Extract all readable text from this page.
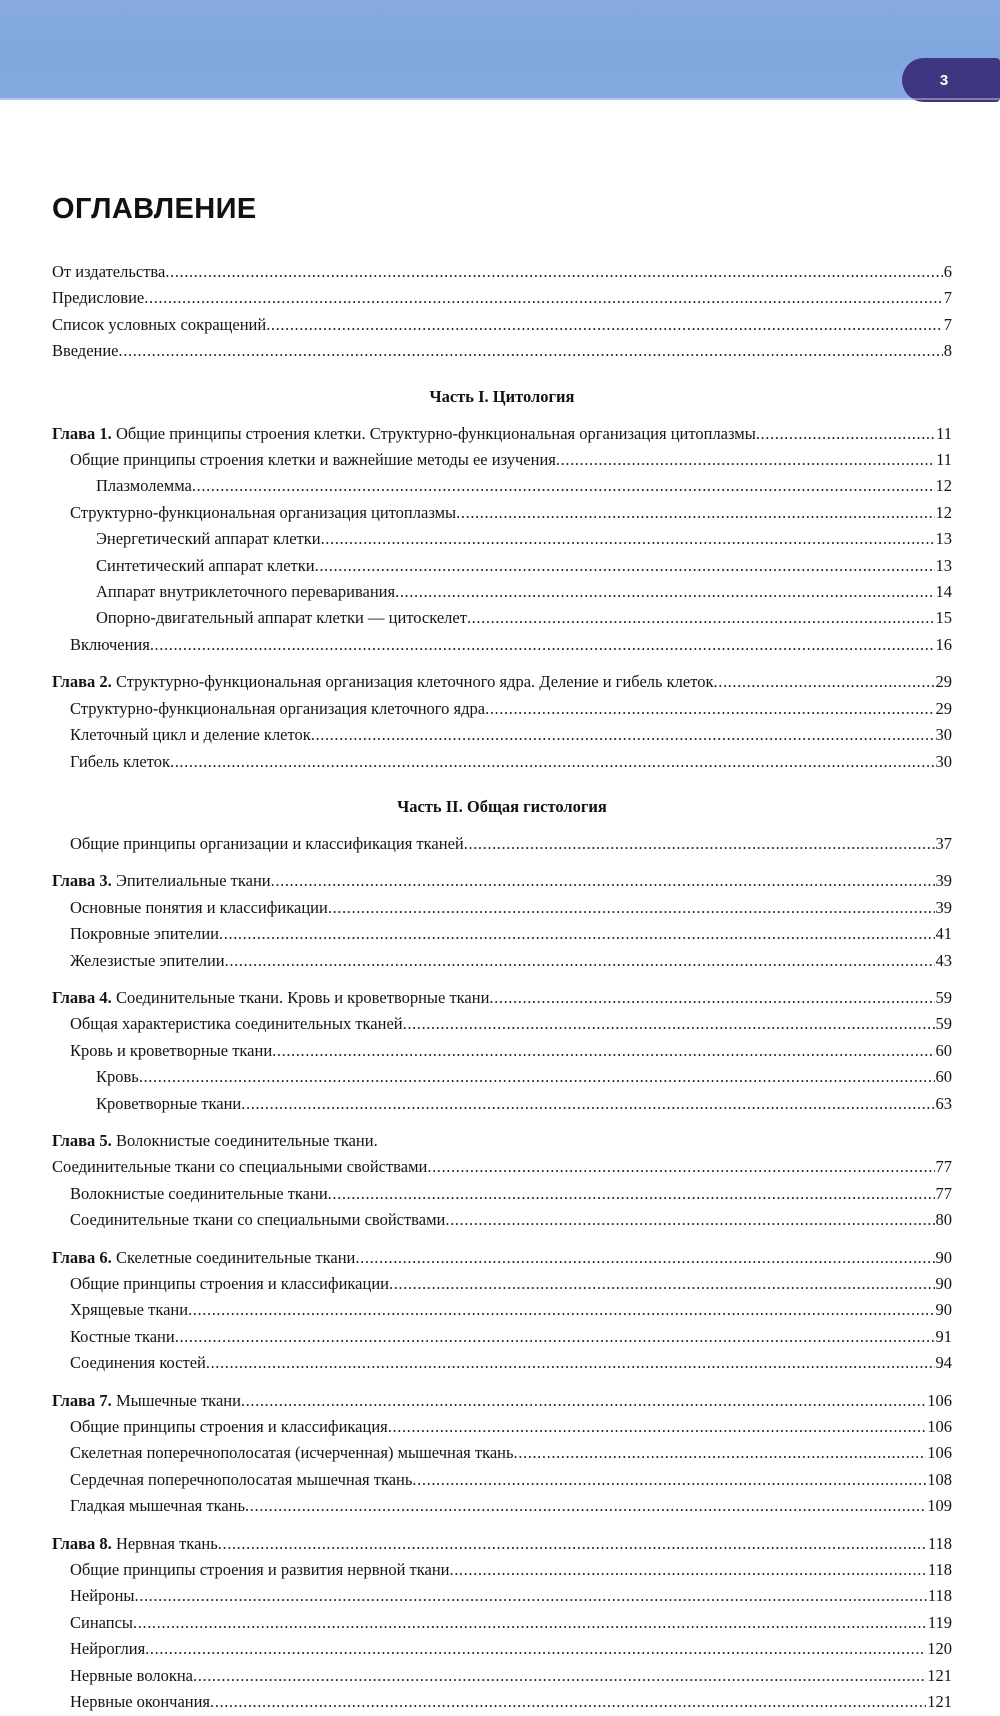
3
ОГЛАВЛЕНИЕ
От издательства .....	6
Предисловие .....	7
Список условных сокращений .....	7
Введение .....	8
Часть I. Цитология
Глава 1. Общие принципы строения клетки. Структурно-функциональная организация цитоплазмы .....	11
Общие принципы строения клетки и важнейшие методы ее изучения .....	11
Плазмолемма .....	12
Структурно-функциональная организация цитоплазмы .....	12
Энергетический аппарат клетки .....	13
Синтетический аппарат клетки .....	13
Аппарат внутриклеточного переваривания .....	14
Опорно-двигательный аппарат клетки — цитоскелет .....	15
Включения .....	16
Глава 2. Структурно-функциональная организация клеточного ядра. Деление и гибель клеток .....	29
Структурно-функциональная организация клеточного ядра .....	29
Клеточный цикл и деление клеток .....	30
Гибель клеток .....	30
Часть II. Общая гистология
Общие принципы организации и классификация тканей .....	37
Глава 3. Эпителиальные ткани .....	39
Основные понятия и классификации .....	39
Покровные эпителии .....	41
Железистые эпителии .....	43
Глава 4. Соединительные ткани. Кровь и кроветворные ткани .....	59
Общая характеристика соединительных тканей .....	59
Кровь и кроветворные ткани .....	60
Кровь .....	60
Кроветворные ткани .....	63
Глава 5. Волокнистые соединительные ткани.
Соединительные ткани со специальными свойствами .....	77
Волокнистые соединительные ткани .....	77
Соединительные ткани со специальными свойствами .....	80
Глава 6. Скелетные соединительные ткани .....	90
Общие принципы строения и классификации .....	90
Хрящевые ткани .....	90
Костные ткани .....	91
Соединения костей .....	94
Глава 7. Мышечные ткани .....	106
Общие принципы строения и классификация .....	106
Скелетная поперечнополосатая (исчерченная) мышечная ткань .....	106
Сердечная поперечнополосатая мышечная ткань .....	108
Гладкая мышечная ткань .....	109
Глава 8. Нервная ткань .....	118
Общие принципы строения и развития нервной ткани .....	118
Нейроны .....	118
Синапсы .....	119
Нейроглия .....	120
Нервные волокна .....	121
Нервные окончания .....	121
